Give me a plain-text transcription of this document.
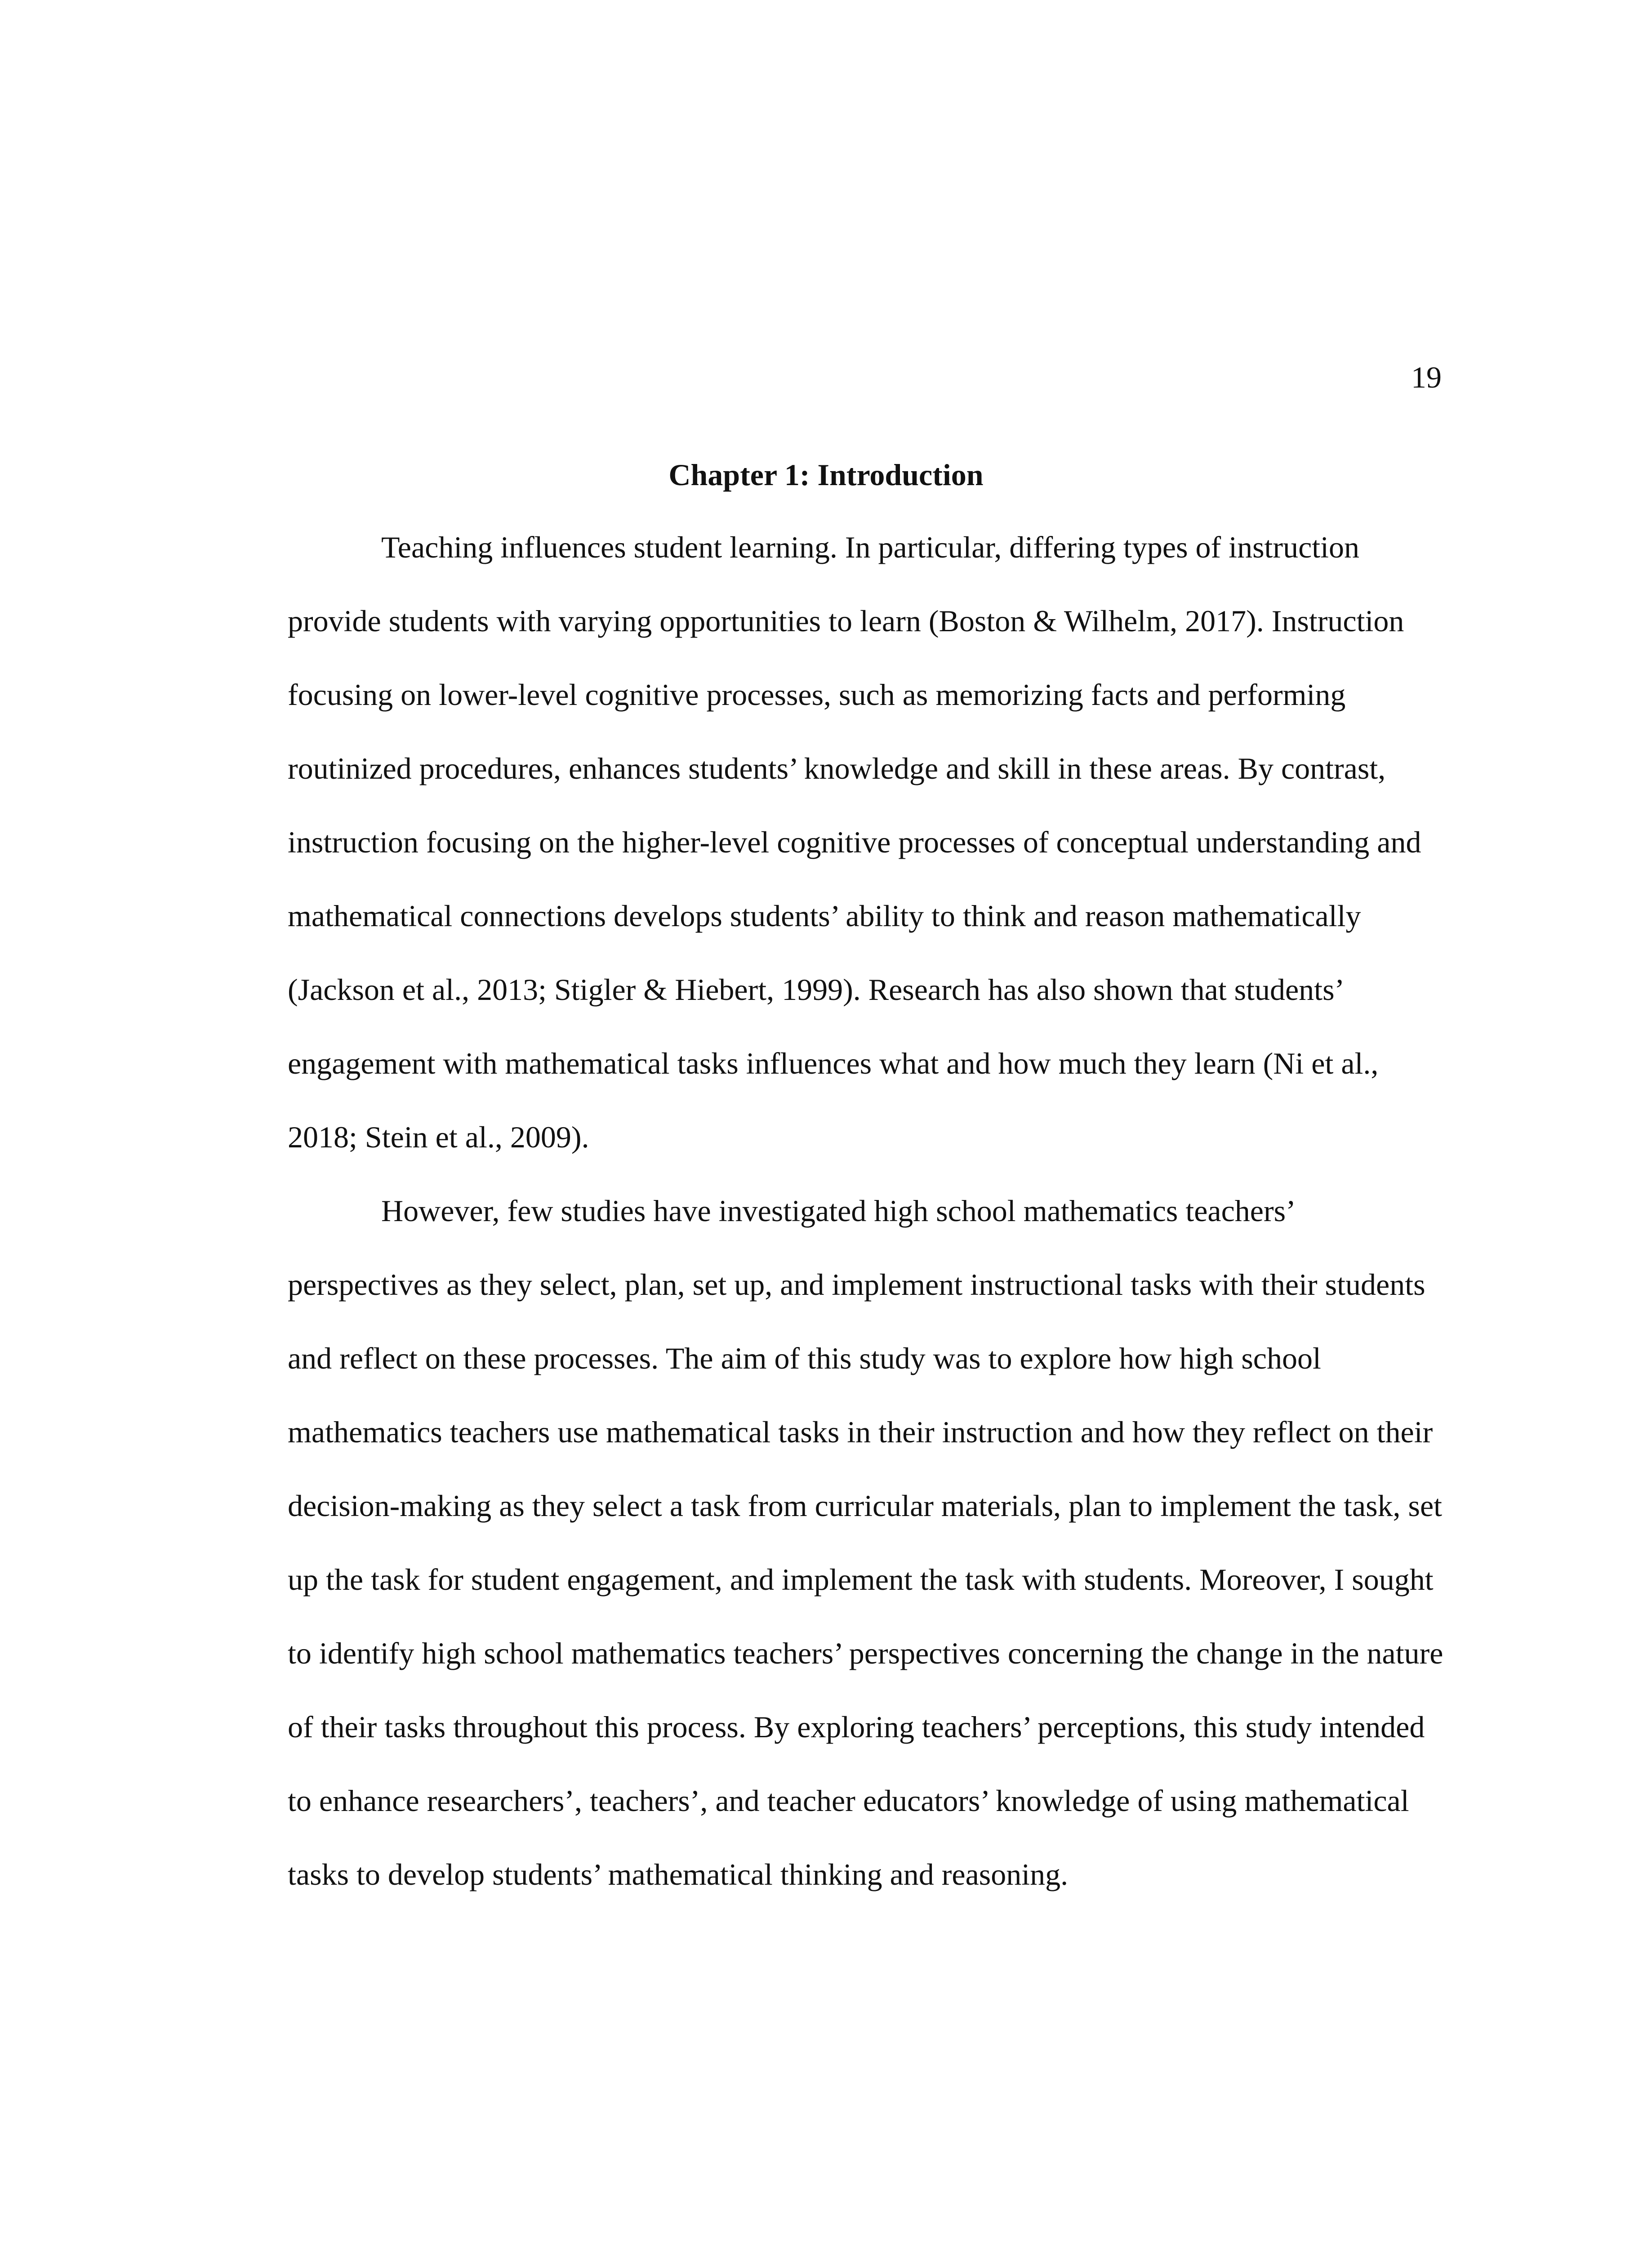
19
Chapter 1: Introduction

Teaching influences student learning. In particular, differing types of instruction provide students with varying opportunities to learn (Boston & Wilhelm, 2017). Instruction focusing on lower-level cognitive processes, such as memorizing facts and performing routinized procedures, enhances students’ knowledge and skill in these areas. By contrast, instruction focusing on the higher-level cognitive processes of conceptual understanding and mathematical connections develops students’ ability to think and reason mathematically (Jackson et al., 2013; Stigler & Hiebert, 1999). Research has also shown that students’ engagement with mathematical tasks influences what and how much they learn (Ni et al., 2018; Stein et al., 2009).

However, few studies have investigated high school mathematics teachers’ perspectives as they select, plan, set up, and implement instructional tasks with their students and reflect on these processes. The aim of this study was to explore how high school mathematics teachers use mathematical tasks in their instruction and how they reflect on their decision-making as they select a task from curricular materials, plan to implement the task, set up the task for student engagement, and implement the task with students. Moreover, I sought to identify high school mathematics teachers’ perspectives concerning the change in the nature of their tasks throughout this process. By exploring teachers’ perceptions, this study intended to enhance researchers’, teachers’, and teacher educators’ knowledge of using mathematical tasks to develop students’ mathematical thinking and reasoning.
